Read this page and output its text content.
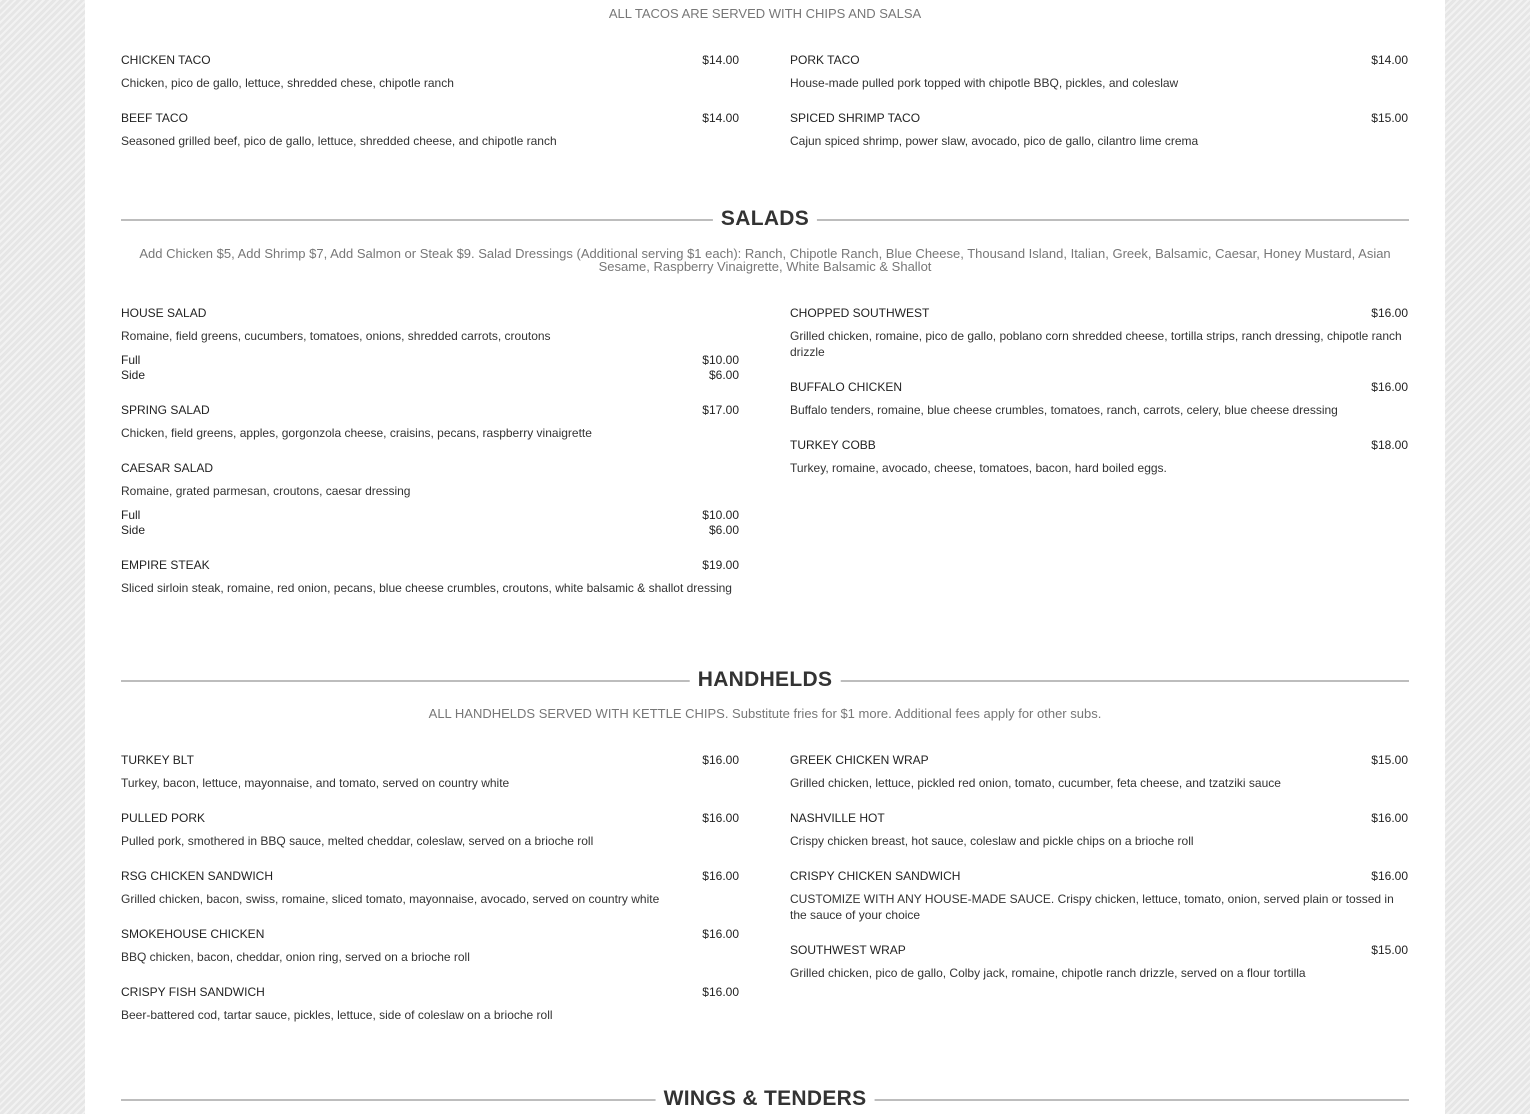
ALL TACOS ARE SERVED WITH CHIPS AND SALSA

CHICKEN TACO	$14.00
Chicken, pico de gallo, lettuce, shredded chese, chipotle ranch
BEEF TACO	$14.00
Seasoned grilled beef, pico de gallo, lettuce, shredded cheese, and chipotle ranch
PORK TACO	$14.00
House-made pulled pork topped with chipotle BBQ, pickles, and coleslaw
SPICED SHRIMP TACO	$15.00
Cajun spiced shrimp, power slaw, avocado, pico de gallo, cilantro lime crema
SALADS

Add Chicken $5, Add Shrimp $7, Add Salmon or Steak $9. Salad Dressings (Additional serving $1 each): Ranch, Chipotle Ranch, Blue Cheese, Thousand Island, Italian, Greek, Balsamic, Caesar, Honey Mustard, Asian Sesame, Raspberry Vinaigrette, White Balsamic & Shallot

HOUSE SALAD
Romaine, field greens, cucumbers, tomatoes, onions, shredded carrots, croutons
Full	$10.00
Side	$6.00
SPRING SALAD	$17.00
Chicken, field greens, apples, gorgonzola cheese, craisins, pecans, raspberry vinaigrette
CAESAR SALAD
Romaine, grated parmesan, croutons, caesar dressing
Full	$10.00
Side	$6.00
EMPIRE STEAK	$19.00
Sliced sirloin steak, romaine, red onion, pecans, blue cheese crumbles, croutons, white balsamic & shallot dressing
CHOPPED SOUTHWEST	$16.00
Grilled chicken, romaine, pico de gallo, poblano corn shredded cheese, tortilla strips, ranch dressing, chipotle ranch drizzle
BUFFALO CHICKEN	$16.00
Buffalo tenders, romaine, blue cheese crumbles, tomatoes, ranch, carrots, celery, blue cheese dressing
TURKEY COBB	$18.00
Turkey, romaine, avocado, cheese, tomatoes, bacon, hard boiled eggs.
HANDHELDS

ALL HANDHELDS SERVED WITH KETTLE CHIPS. Substitute fries for $1 more. Additional fees apply for other subs.

TURKEY BLT	$16.00
Turkey, bacon, lettuce, mayonnaise, and tomato, served on country white
PULLED PORK	$16.00
Pulled pork, smothered in BBQ sauce, melted cheddar, coleslaw, served on a brioche roll
RSG CHICKEN SANDWICH	$16.00
Grilled chicken, bacon, swiss, romaine, sliced tomato, mayonnaise, avocado, served on country white
SMOKEHOUSE CHICKEN	$16.00
BBQ chicken, bacon, cheddar, onion ring, served on a brioche roll
CRISPY FISH SANDWICH	$16.00
Beer-battered cod, tartar sauce, pickles, lettuce, side of coleslaw on a brioche roll
GREEK CHICKEN WRAP	$15.00
Grilled chicken, lettuce, pickled red onion, tomato, cucumber, feta cheese, and tzatziki sauce
NASHVILLE HOT	$16.00
Crispy chicken breast, hot sauce, coleslaw and pickle chips on a brioche roll
CRISPY CHICKEN SANDWICH	$16.00
CUSTOMIZE WITH ANY HOUSE-MADE SAUCE. Crispy chicken, lettuce, tomato, onion, served plain or tossed in the sauce of your choice
SOUTHWEST WRAP	$15.00
Grilled chicken, pico de gallo, Colby jack, romaine, chipotle ranch drizzle, served on a flour tortilla
WINGS & TENDERS
